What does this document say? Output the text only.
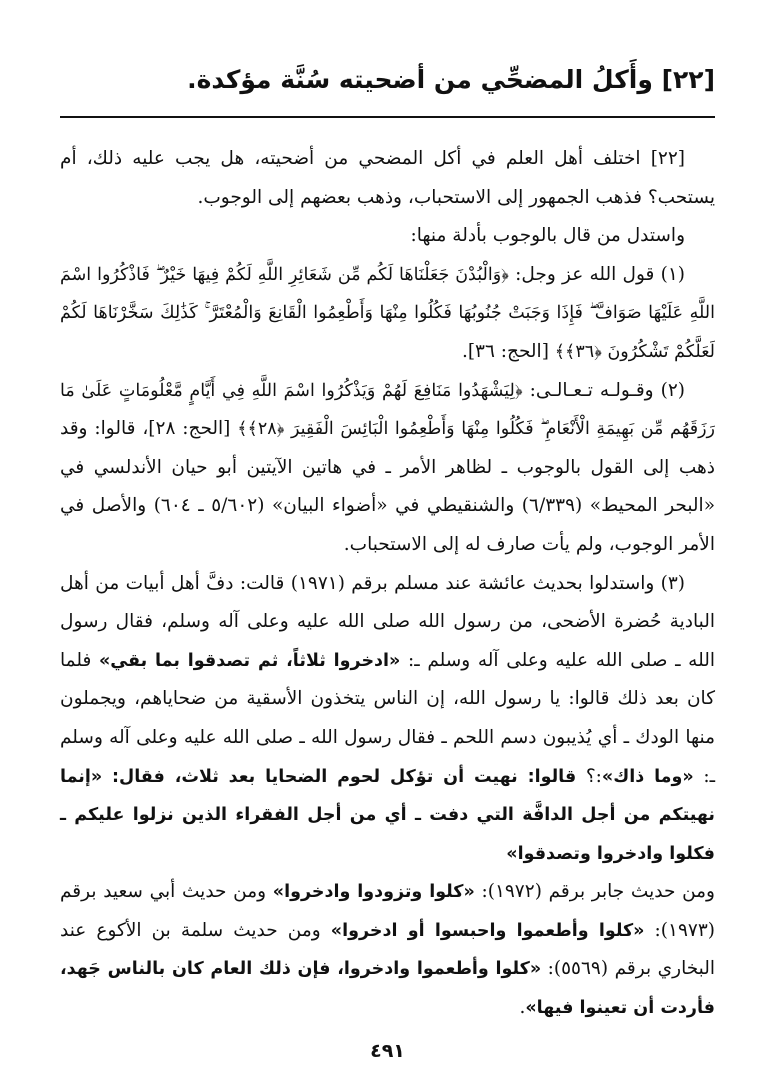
[٢٢] وأَكلُ المضحِّي من أضحيته سُنَّة مؤكدة.

[٢٢] اختلف أهل العلم في أكل المضحي من أضحيته، هل يجب عليه ذلك، أم يستحب؟ فذهب الجمهور إلى الاستحباب، وذهب بعضهم إلى الوجوب.

واستدل من قال بالوجوب بأدلة منها:

(١) قول الله عز وجل: ﴿وَالْبُدْنَ جَعَلْنَاهَا لَكُم مِّن شَعَائِرِ اللَّهِ لَكُمْ فِيهَا خَيْرٌ ۖ فَاذْكُرُوا اسْمَ اللَّهِ عَلَيْهَا صَوَافَّ ۖ فَإِذَا وَجَبَتْ جُنُوبُهَا فَكُلُوا مِنْهَا وَأَطْعِمُوا الْقَانِعَ وَالْمُعْتَرَّ ۚ كَذَٰلِكَ سَخَّرْنَاهَا لَكُمْ لَعَلَّكُمْ تَشْكُرُونَ ﴿٣٦﴾﴾ [الحج: ٣٦].

(٢) وقـولـه تـعـالـى: ﴿لِيَشْهَدُوا مَنَافِعَ لَهُمْ وَيَذْكُرُوا اسْمَ اللَّهِ فِي أَيَّامٍ مَّعْلُومَاتٍ عَلَىٰ مَا رَزَقَهُم مِّن بَهِيمَةِ الْأَنْعَامِ ۖ فَكُلُوا مِنْهَا وَأَطْعِمُوا الْبَائِسَ الْفَقِيرَ ﴿٢٨﴾﴾ [الحج: ٢٨]، قالوا: وقد ذهب إلى القول بالوجوب ـ لظاهر الأمر ـ في هاتين الآيتين أبو حيان الأندلسي في «البحر المحيط» (٦/٣٣٩) والشنقيطي في «أضواء البيان» (٥/٦٠٢ ـ ٦٠٤) والأصل في الأمر الوجوب، ولم يأت صارف له إلى الاستحباب.

(٣) واستدلوا بحديث عائشة عند مسلم برقم (١٩٧١) قالت: دفَّ أهل أبيات من أهل البادية حُضرة الأضحى، من رسول الله صلى الله عليه وعلى آله وسلم، فقال رسول الله ـ صلى الله عليه وعلى آله وسلم ـ: «ادخروا ثلاثاً، ثم تصدقوا بما بقي» فلما كان بعد ذلك قالوا: يا رسول الله، إن الناس يتخذون الأسقية من ضحاياهم، ويجملون منها الودك ـ أي يُذيبون دسم اللحم ـ فقال رسول الله ـ صلى الله عليه وعلى آله وسلم ـ: «وما ذاك»:؟ قالوا: نهيت أن تؤكل لحوم الضحايا بعد ثلاث، فقال: «إنما نهيتكم من أجل الدافَّة التي دفت ـ أي من أجل الفقراء الذين نزلوا عليكم ـ فكلوا وادخروا وتصدقوا»

ومن حديث جابر برقم (١٩٧٢): «كلوا وتزودوا وادخروا» ومن حديث أبي سعيد برقم (١٩٧٣): «كلوا وأطعموا واحبسوا أو ادخروا» ومن حديث سلمة بن الأكوع عند البخاري برقم (٥٥٦٩): «كلوا وأطعموا وادخروا، فإن ذلك العام كان بالناس جَهد، فأردت أن تعينوا فيها».

٤٩١
